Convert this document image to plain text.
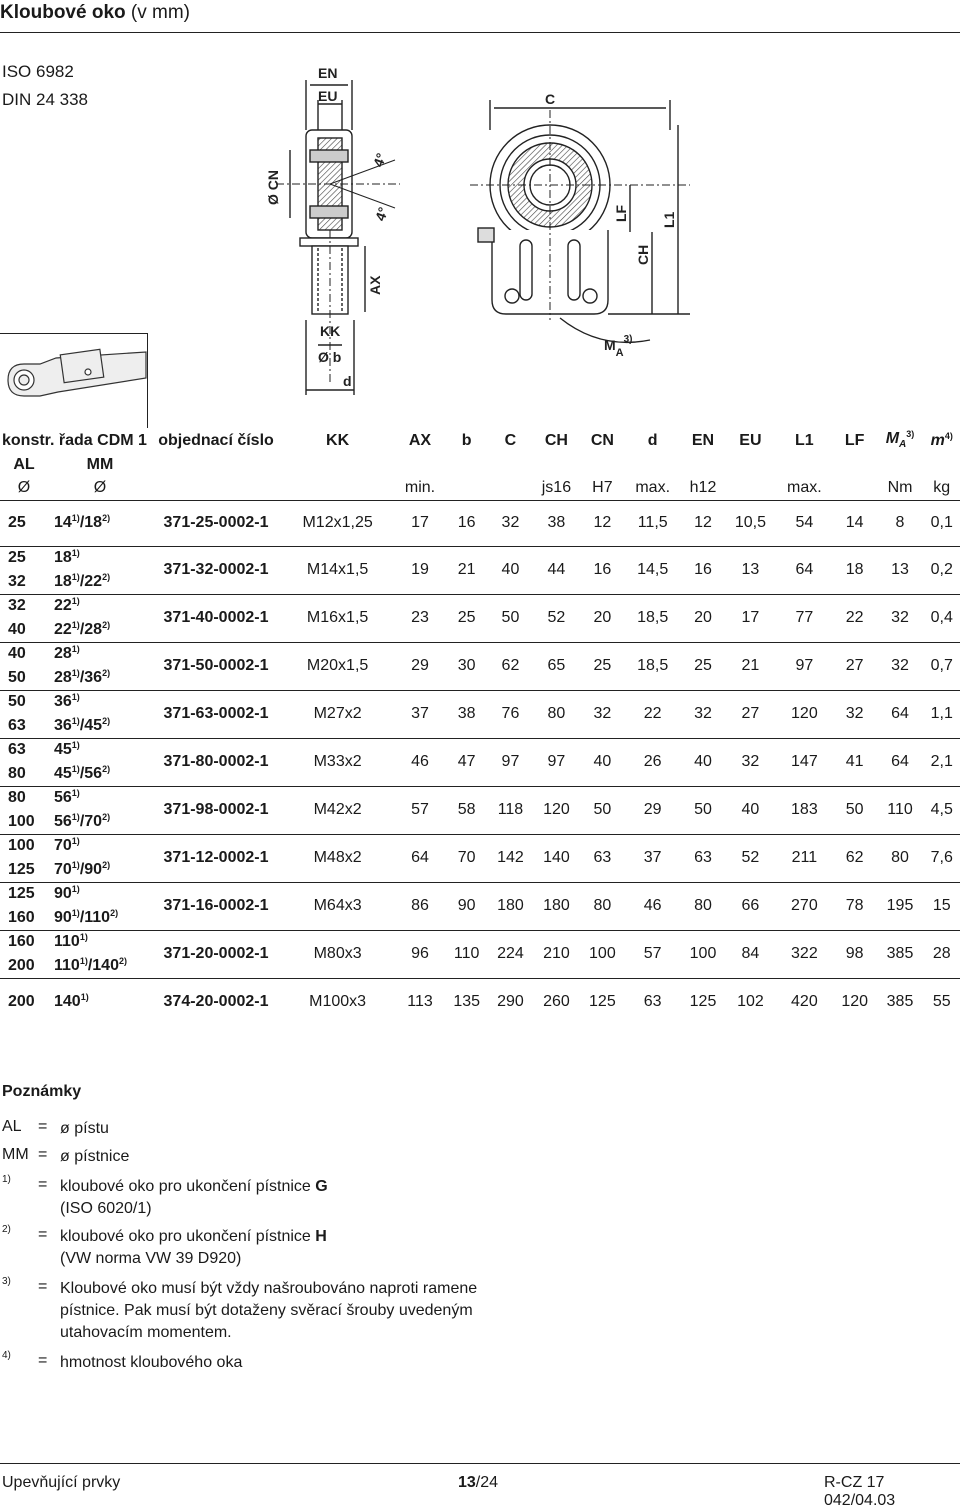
Kloubové oko (v mm)
ISO 6982
DIN 24 338
EN
EU
Ø CN
4°
4°
AX
KK
Ø b
d
C
LF
CH
L1
$M_A^{3)}$
konstr. řada CDM 1		objednací číslo	KK	AX	b	C	CH	CN	d	EN	EU	L1	LF	$M_A^{3)}$	$m^{4)}$
AL	MM														
Ø	Ø			min.			js16	H7	max.	h12		max.		Nm	kg
25	14$^{1)}$/18$^{2)}$	371-25-0002-1	M12x1,25	17	16	32	38	12	11,5	12	10,5	54	14	8	0,1
25	18$^{1)}$	371-32-0002-1	M14x1,5	19	21	40	44	16	14,5	16	13	64	18	13	0,2
32	18$^{1)}$/22$^{2)}$
32	22$^{1)}$	371-40-0002-1	M16x1,5	23	25	50	52	20	18,5	20	17	77	22	32	0,4
40	22$^{1)}$/28$^{2)}$
40	28$^{1)}$	371-50-0002-1	M20x1,5	29	30	62	65	25	18,5	25	21	97	27	32	0,7
50	28$^{1)}$/36$^{2)}$
50	36$^{1)}$	371-63-0002-1	M27x2	37	38	76	80	32	22	32	27	120	32	64	1,1
63	36$^{1)}$/45$^{2)}$
63	45$^{1)}$	371-80-0002-1	M33x2	46	47	97	97	40	26	40	32	147	41	64	2,1
80	45$^{1)}$/56$^{2)}$
80	56$^{1)}$	371-98-0002-1	M42x2	57	58	118	120	50	29	50	40	183	50	110	4,5
100	56$^{1)}$/70$^{2)}$
100	70$^{1)}$	371-12-0002-1	M48x2	64	70	142	140	63	37	63	52	211	62	80	7,6
125	70$^{1)}$/90$^{2)}$
125	90$^{1)}$	371-16-0002-1	M64x3	86	90	180	180	80	46	80	66	270	78	195	15
160	90$^{1)}$/110$^{2)}$
160	110$^{1)}$	371-20-0002-1	M80x3	96	110	224	210	100	57	100	84	322	98	385	28
200	110$^{1)}$/140$^{2)}$
200	140$^{1)}$	374-20-0002-1	M100x3	113	135	290	260	125	63	125	102	420	120	385	55
Poznámky
AL	= ø pístu
MM = ø pístnice
1)	= kloubové oko pro ukončení pístnice G
(ISO 6020/1)
2)	= kloubové oko pro ukončení pístnice H
(VW norma VW 39 D920)
3)	= Kloubové oko musí být vždy našroubováno naproti ramene pístnice. Pak musí být dotaženy svěrací šrouby uvedeným utahovacím momentem.
4)	= hmotnost kloubového oka
Upevňující prvky	13/24	R-CZ 17 042/04.03
